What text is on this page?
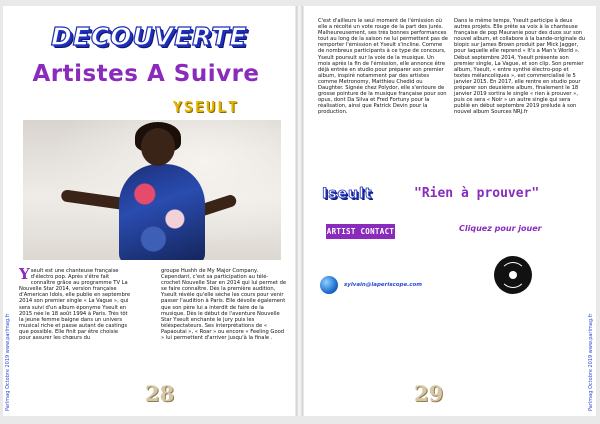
DECOUVERTE
Artistes A Suivre
YSEULT

Yseult est une chanteuse française d'électro pop. Après s'être fait connaître grâce au programme TV La Nouvelle Star 2014, version française d'American Idols, elle publie en septembre 2014 son premier single « La Vague », qui sera suivi d'un album éponyme Yseult en 2015 née le 18 août 1994 à Paris. Très tôt la jeune femme baigne dans un univers musical riche et passe autant de castings que possible. Elle finit par être choisie pour assurer les chœurs du

groupe Hushh de My Major Company. Cependant, c'est sa participation au télé-crochet Nouvelle Star en 2014 qui lui permet de se faire connaître. Dès la première audition, Yseult révèle qu'elle sèche les cours pour venir passer l'audition à Paris. Elle dévoile également que son père lui a interdit de faire de la musique. Dès le début de l'aventure Nouvelle Star Yseult enchante le jury puis les téléspectateurs. Ses interprétations de « Papaoutai », « Roar » ou encore « Feeling Good » lui permettent d'arriver jusqu'à la finale .

28
Parlmag Octobre 2019 www.parlmag.fr

C'est d'ailleurs le seul moment de l'émission où elle a récolté un vote rouge de la part des jurés. Malheureusement, ses très bonnes performances tout au long de la saison ne lui permettent pas de remporter l'émission et Yseult s'incline. Comme de nombreux participants à ce type de concours, Yseult poursuit sur la voie de la musique. Un mois après la fin de l'émission, elle annonce être déjà entrée en studio pour préparer son premier album, inspiré notamment par des artistes comme Metronomy, Matthieu Chedid ou Daughter. Signée chez Polydor, elle s'entoure de grosse pointure de la musique française pour son opus, dont Da Silva et Fred Fortuny pour la réalisation, ainsi que Patrick Devin pour la production.

Dans le même temps, Yseult participe à deux autres projets. Elle prête sa voix à la chanteuse française de pop Mauranie pour des duos sur son nouvel album, et collabore à la bande-originale du biopic sur James Brown produit par Mick Jagger, pour laquelle elle reprend « It's a Man's World ». Début septembre 2014, Yseult présente son premier single, La Vague, et son clip. Son premier album, Yseult, « entre synthé électro-pop et textes mélancoliques », est commercialisé le 5 janvier 2015. En 2017, elle rentre en studio pour préparer son deuxième album, finalement le 18 janvier 2019 sortira le single « rien à prouver », puis ce sera « Noir » un autre single qui sera publié en début septembre 2019 prélude à son nouvel album Sources NRJ.fr

Iseult	"Rien à prouver"
ARTIST CONTACT	Cliquez pour jouer
sylvain@laperiscope.com
29	Parlmag Octobre 2019 www.parlmag.fr
